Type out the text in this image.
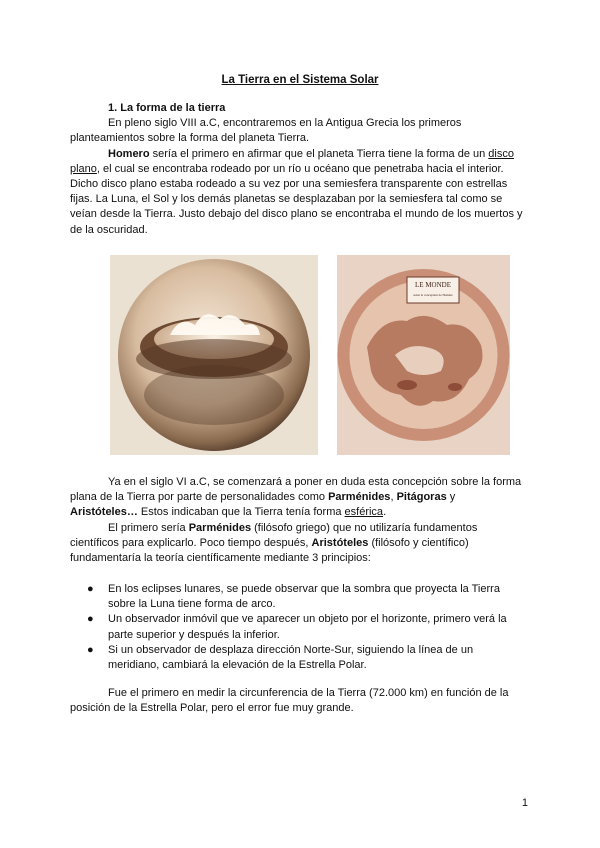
La Tierra en el Sistema Solar
1. La forma de la tierra
En pleno siglo VIII a.C, encontraremos en la Antigua Grecia los primeros planteamientos sobre la forma del planeta Tierra.
Homero sería el primero en afirmar que el planeta Tierra tiene la forma de un disco plano, el cual se encontraba rodeado por un río u océano que penetraba hacia el interior. Dicho disco plano estaba rodeado a su vez por una semiesfera transparente con estrellas fijas. La Luna, el Sol y los demás planetas se desplazaban por la semiesfera tal como se veían desde la Tierra. Justo debajo del disco plano se encontraba el mundo de los muertos y de la oscuridad.
LE MONDE
selon la conception de Homère
Ya en el siglo VI a.C, se comenzará a poner en duda esta concepción sobre la forma plana de la Tierra por parte de personalidades como Parménides, Pitágoras y Aristóteles… Estos indicaban que la Tierra tenía forma esférica.
El primero sería Parménides (filósofo griego) que no utilizaría fundamentos científicos para explicarlo. Poco tiempo después, Aristóteles (filósofo y científico) fundamentaría la teoría científicamente mediante 3 principios:
● En los eclipses lunares, se puede observar que la sombra que proyecta la Tierra sobre la Luna tiene forma de arco.
● Un observador inmóvil que ve aparecer un objeto por el horizonte, primero verá la parte superior y después la inferior.
● Si un observador de desplaza dirección Norte-Sur, siguiendo la línea de un meridiano, cambiará la elevación de la Estrella Polar.
Fue el primero en medir la circunferencia de la Tierra (72.000 km) en función de la posición de la Estrella Polar, pero el error fue muy grande.
1
